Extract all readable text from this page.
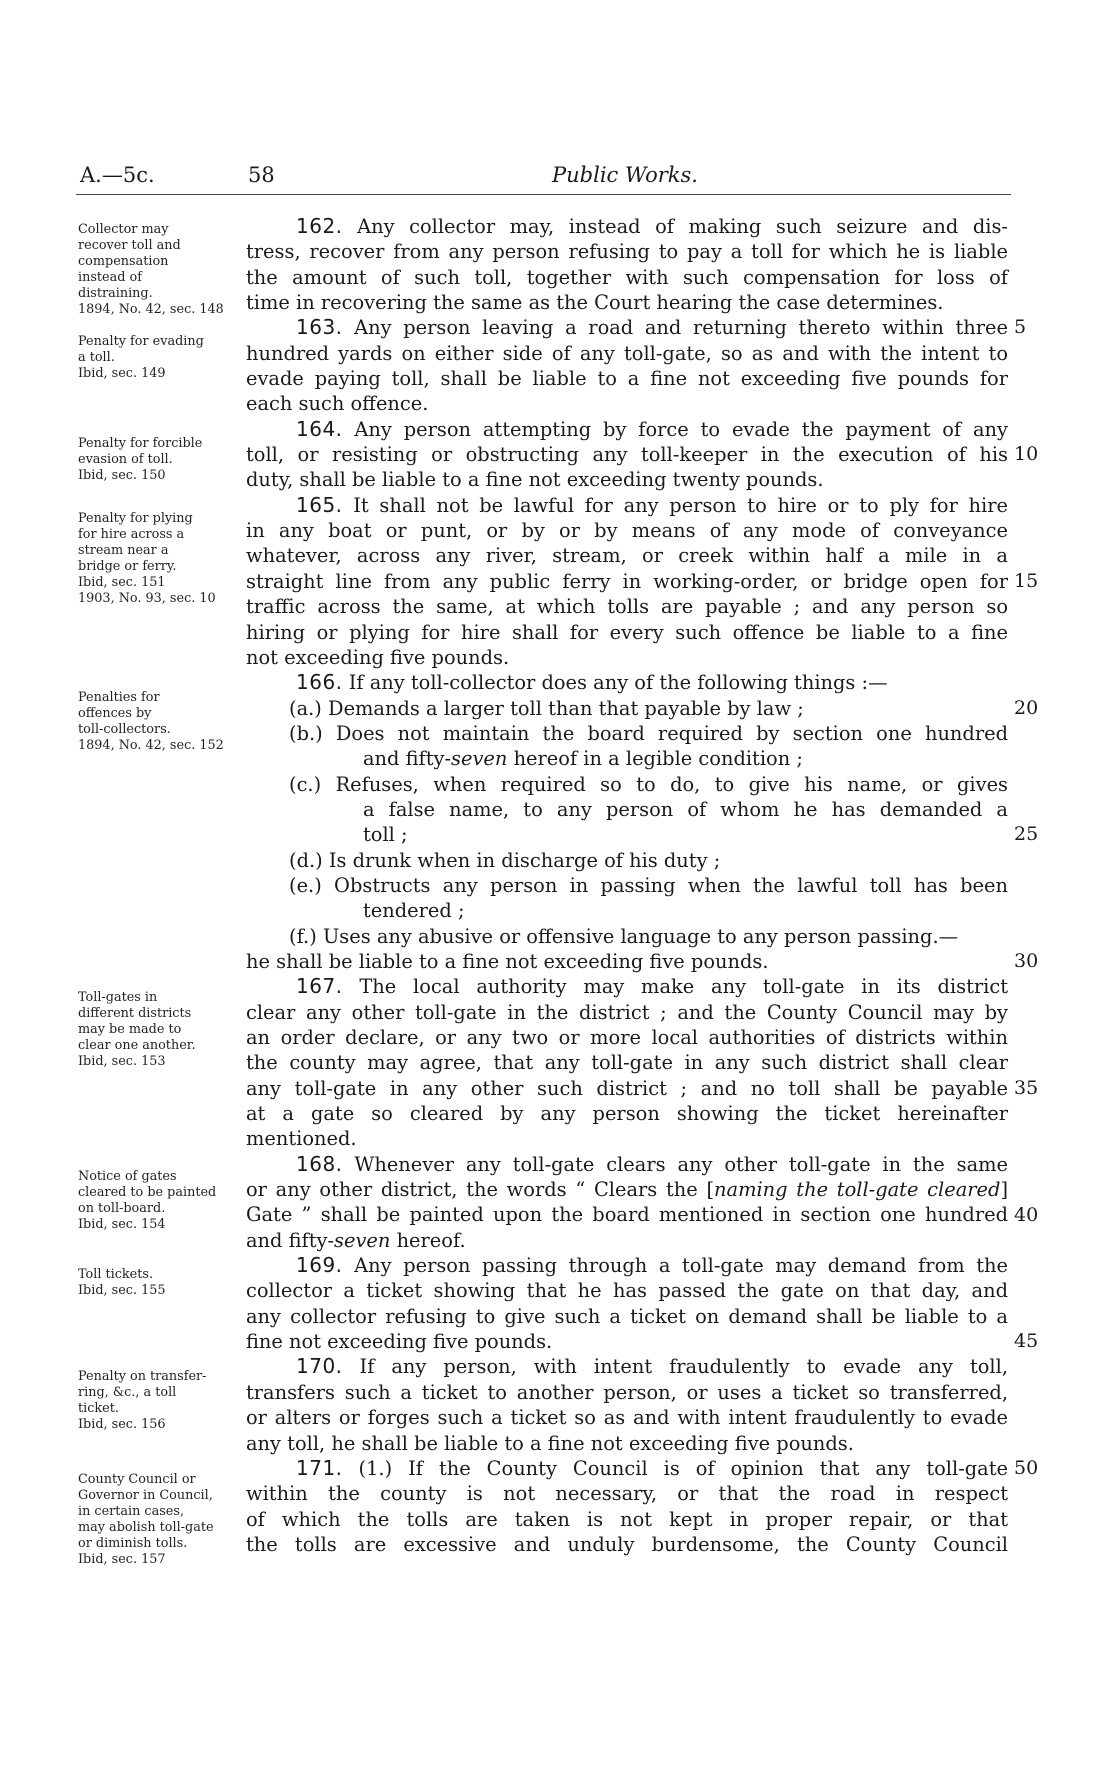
A.—5c.	58	Public Works.
Collector may
recover toll and
compensation
instead of
distraining.
1894, No. 42, sec. 148
Penalty for evading
a toll.
Ibid, sec. 149
Penalty for forcible
evasion of toll.
Ibid, sec. 150
Penalty for plying
for hire across a
stream near a
bridge or ferry.
Ibid, sec. 151
1903, No. 93, sec. 10
Penalties for
offences by
toll-collectors.
1894, No. 42, sec. 152
Toll-gates in
different districts
may be made to
clear one another.
Ibid, sec. 153
Notice of gates
cleared to be painted
on toll-board.
Ibid, sec. 154
Toll tickets.
Ibid, sec. 155
Penalty on transfer-
ring, &c., a toll
ticket.
Ibid, sec. 156
County Council or
Governor in Council,
in certain cases,
may abolish toll-gate
or diminish tolls.
Ibid, sec. 157
162. Any collector may, instead of making such seizure and dis-
tress, recover from any person refusing to pay a toll for which he is liable
the amount of such toll, together with such compensation for loss of
time in recovering the same as the Court hearing the case determines.
163. Any person leaving a road and returning thereto within three
hundred yards on either side of any toll-gate, so as and with the intent to
evade paying toll, shall be liable to a fine not exceeding five pounds for
each such offence.
164. Any person attempting by force to evade the payment of any
toll, or resisting or obstructing any toll-keeper in the execution of his
duty, shall be liable to a fine not exceeding twenty pounds.
165. It shall not be lawful for any person to hire or to ply for hire
in any boat or punt, or by or by means of any mode of conveyance
whatever, across any river, stream, or creek within half a mile in a
straight line from any public ferry in working-order, or bridge open for
traffic across the same, at which tolls are payable ; and any person so
hiring or plying for hire shall for every such offence be liable to a fine
not exceeding five pounds.
166. If any toll-collector does any of the following things :—
(a.) Demands a larger toll than that payable by law ;
(b.) Does not maintain the board required by section one hundred
and fifty-seven hereof in a legible condition ;
(c.) Refuses, when required so to do, to give his name, or gives
a false name, to any person of whom he has demanded a
toll ;
(d.) Is drunk when in discharge of his duty ;
(e.) Obstructs any person in passing when the lawful toll has been
tendered ;
(f.) Uses any abusive or offensive language to any person passing.—
he shall be liable to a fine not exceeding five pounds.
167. The local authority may make any toll-gate in its district
clear any other toll-gate in the district ; and the County Council may by
an order declare, or any two or more local authorities of districts within
the county may agree, that any toll-gate in any such district shall clear
any toll-gate in any other such district ; and no toll shall be payable
at a gate so cleared by any person showing the ticket hereinafter
mentioned.
168. Whenever any toll-gate clears any other toll-gate in the same
or any other district, the words “ Clears the [naming the toll-gate cleared]
Gate ” shall be painted upon the board mentioned in section one hundred
and fifty-seven hereof.
169. Any person passing through a toll-gate may demand from the
collector a ticket showing that he has passed the gate on that day, and
any collector refusing to give such a ticket on demand shall be liable to a
fine not exceeding five pounds.
170. If any person, with intent fraudulently to evade any toll,
transfers such a ticket to another person, or uses a ticket so transferred,
or alters or forges such a ticket so as and with intent fraudulently to evade
any toll, he shall be liable to a fine not exceeding five pounds.
171. (1.) If the County Council is of opinion that any toll-gate
within the county is not necessary, or that the road in respect
of which the tolls are taken is not kept in proper repair, or that
the tolls are excessive and unduly burdensome, the County Council
5
10
15
20
25
30
35
40
45
50
